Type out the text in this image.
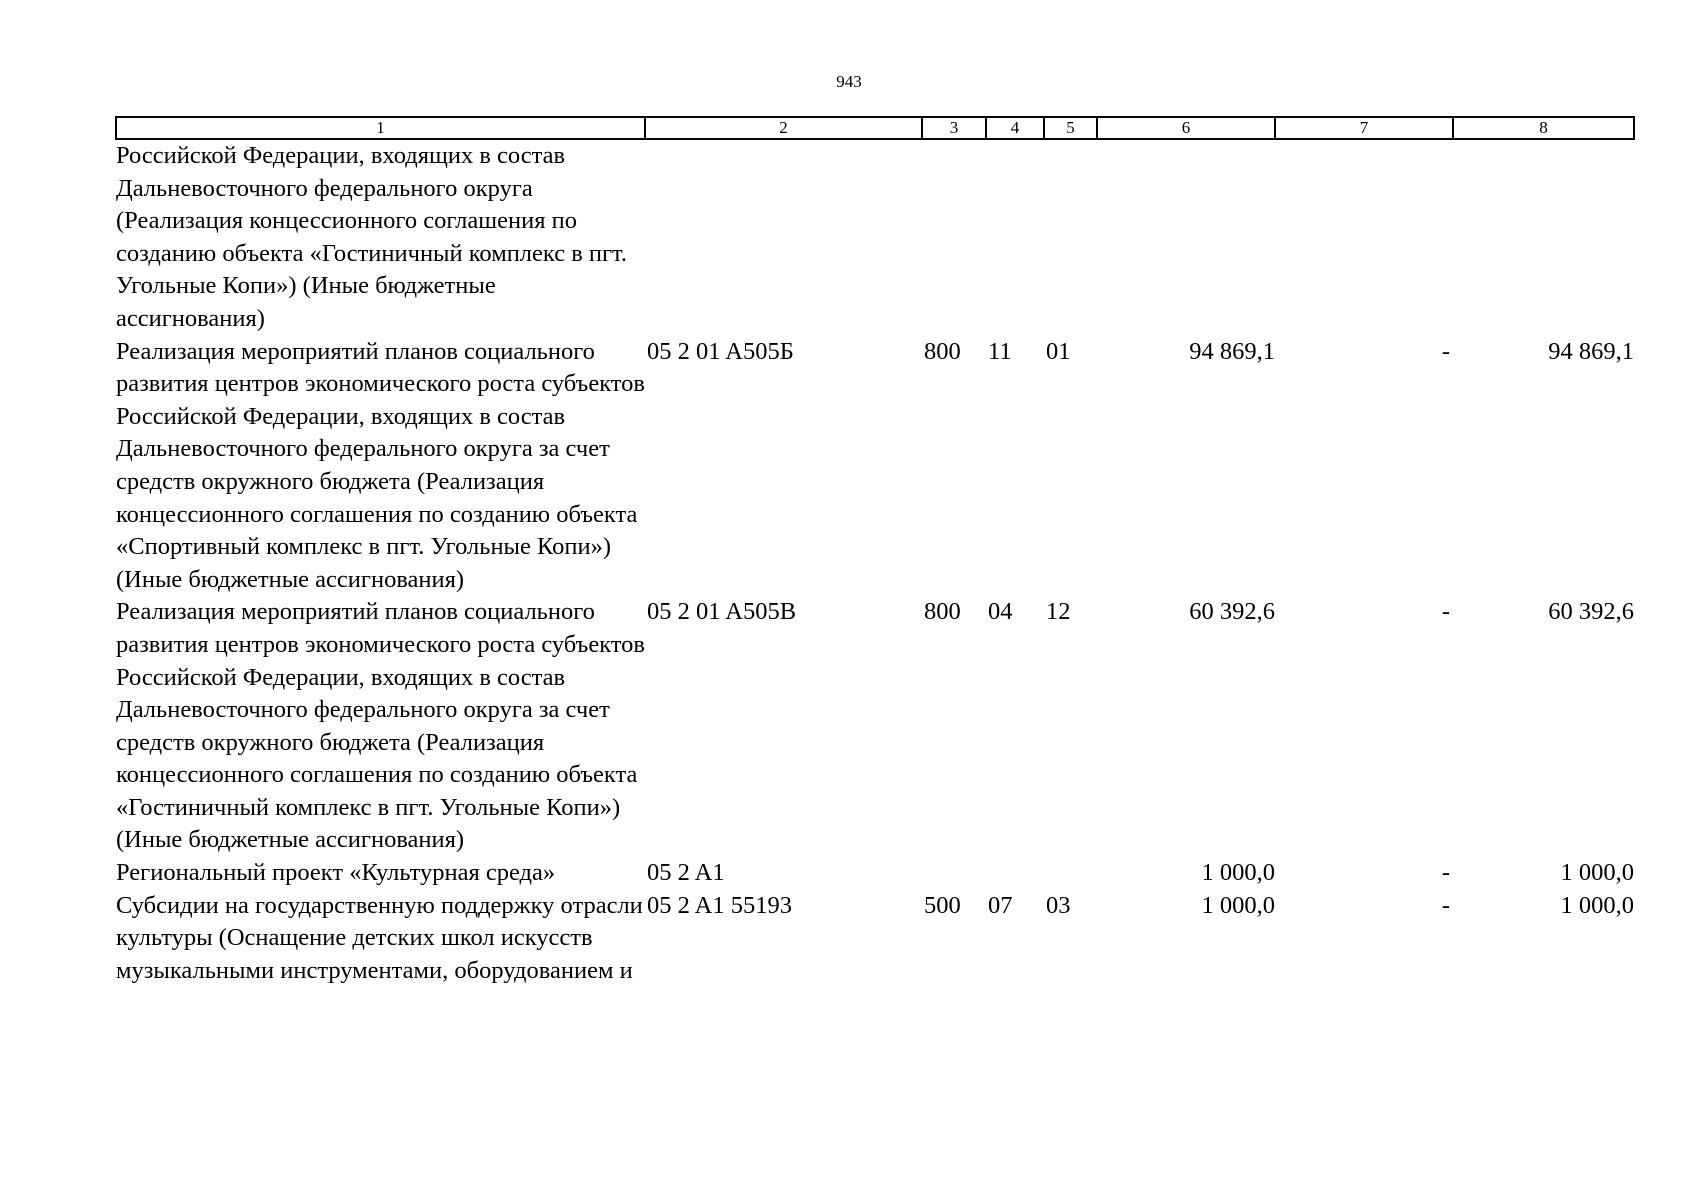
943
1	2	3	4	5	6	7	8
Российской Федерации, входящих в состав Дальневосточного федерального округа (Реализация концессионного соглашения по созданию объекта «Гостиничный комплекс в пгт. Угольные Копи») (Иные бюджетные ассигнования)							
Реализация мероприятий планов социального развития центров экономического роста субъектов Российской Федерации, входящих в состав Дальневосточного федерального округа за счет средств окружного бюджета (Реализация концессионного соглашения по созданию объекта «Спортивный комплекс в пгт. Угольные Копи») (Иные бюджетные ассигнования)	05 2 01 A505Б	800	11	01	94 869,1	-	94 869,1
Реализация мероприятий планов социального развития центров экономического роста субъектов Российской Федерации, входящих в состав Дальневосточного федерального округа за счет средств окружного бюджета (Реализация концессионного соглашения по созданию объекта «Гостиничный комплекс в пгт. Угольные Копи») (Иные бюджетные ассигнования)	05 2 01 A505В	800	04	12	60 392,6	-	60 392,6
Региональный проект «Культурная среда»	05 2 A1				1 000,0	-	1 000,0
Субсидии на государственную поддержку отрасли культуры (Оснащение детских школ искусств музыкальными инструментами, оборудованием и	05 2 A1 55193	500	07	03	1 000,0	-	1 000,0
